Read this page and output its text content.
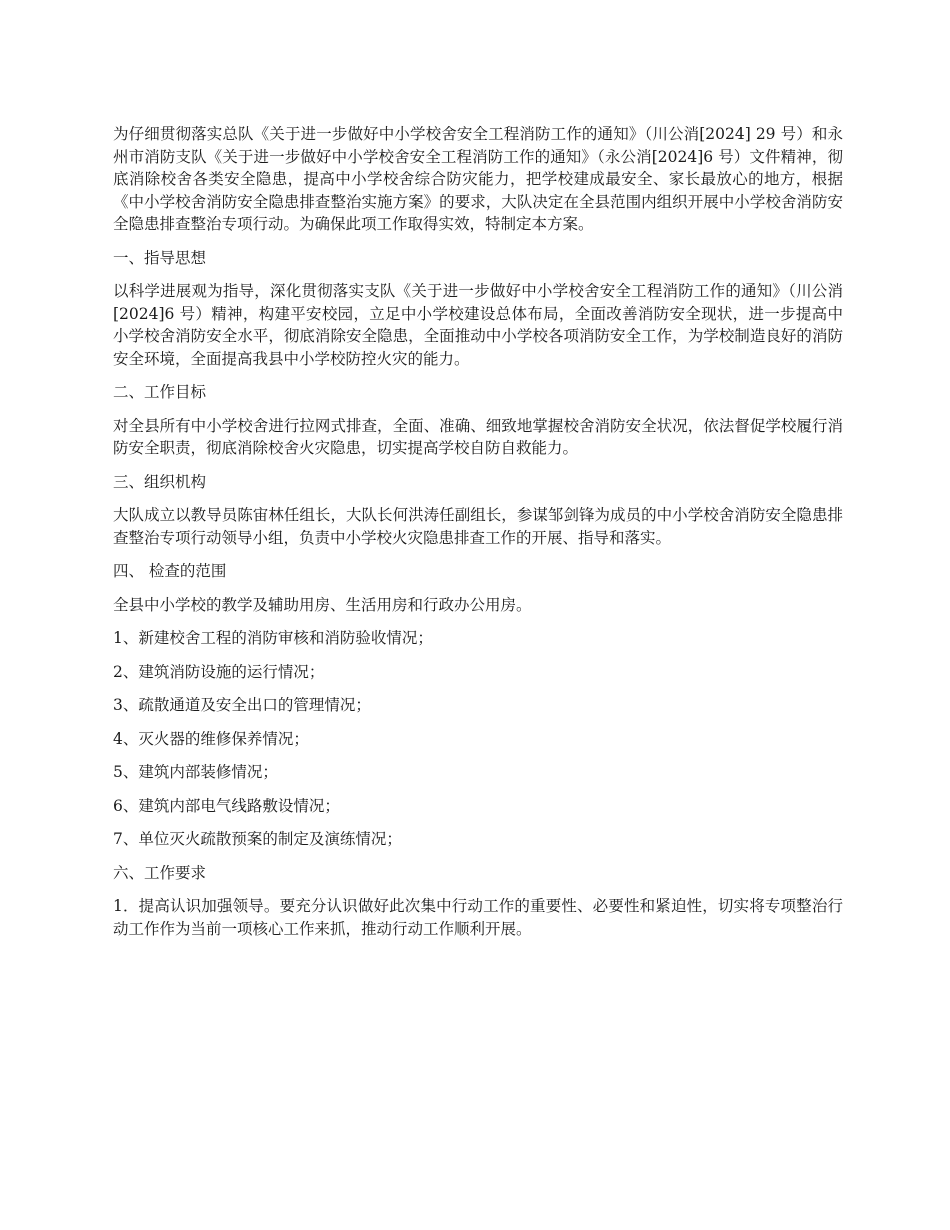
为仔细贯彻落实总队《关于进一步做好中小学校舍安全工程消防工作的通知》（川公消[2024] 29 号）和永州市消防支队《关于进一步做好中小学校舍安全工程消防工作的通知》（永公消[2024]6 号）文件精神，彻底消除校舍各类安全隐患，提高中小学校舍综合防灾能力，把学校建成最安全、家长最放心的地方，根据《中小学校舍消防安全隐患排查整治实施方案》的要求，大队决定在全县范围内组织开展中小学校舍消防安全隐患排查整治专项行动。为确保此项工作取得实效，特制定本方案。

一、指导思想

以科学进展观为指导，深化贯彻落实支队《关于进一步做好中小学校舍安全工程消防工作的通知》（川公消[2024]6 号）精神，构建平安校园，立足中小学校建设总体布局，全面改善消防安全现状，进一步提高中小学校舍消防安全水平，彻底消除安全隐患，全面推动中小学校各项消防安全工作，为学校制造良好的消防安全环境，全面提高我县中小学校防控火灾的能力。

二、工作目标

对全县所有中小学校舍进行拉网式排查，全面、准确、细致地掌握校舍消防安全状况，依法督促学校履行消防安全职责，彻底消除校舍火灾隐患，切实提高学校自防自救能力。

三、组织机构

大队成立以教导员陈宙林任组长，大队长何洪涛任副组长，参谋邹剑锋为成员的中小学校舍消防安全隐患排查整治专项行动领导小组，负责中小学校火灾隐患排查工作的开展、指导和落实。

四、 检查的范围

全县中小学校的教学及辅助用房、生活用房和行政办公用房。

1、新建校舍工程的消防审核和消防验收情况；

2、建筑消防设施的运行情况；

3、疏散通道及安全出口的管理情况；

4、灭火器的维修保养情况；

5、建筑内部装修情况；

6、建筑内部电气线路敷设情况；

7、单位灭火疏散预案的制定及演练情况；

六、工作要求

1．提高认识加强领导。要充分认识做好此次集中行动工作的重要性、必要性和紧迫性，切实将专项整治行动工作作为当前一项核心工作来抓，推动行动工作顺利开展。
